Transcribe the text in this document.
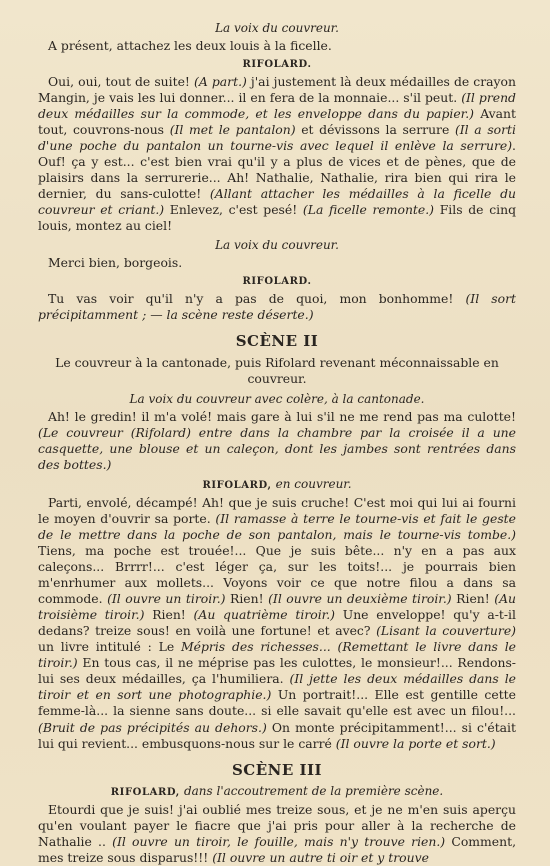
La voix du couvreur.

A présent, attachez les deux louis à la ficelle.

RIFOLARD.

Oui, oui, tout de suite! (A part.) j'ai justement là deux médailles de crayon Mangin, je vais les lui donner... il en fera de la monnaie... s'il peut. (Il prend deux médailles sur la commode, et les enveloppe dans du papier.) Avant tout, couvrons-nous (Il met le pantalon) et dévissons la serrure (Il a sorti d'une poche du pantalon un tourne-vis avec lequel il enlève la serrure). Ouf! ça y est... c'est bien vrai qu'il y a plus de vices et de pènes, que de plaisirs dans la serrurerie... Ah! Nathalie, Nathalie, rira bien qui rira le dernier, du sans-culotte! (Allant attacher les médailles à la ficelle du couvreur et criant.) Enlevez, c'est pesé! (La ficelle remonte.) Fils de cinq louis, montez au ciel!

La voix du couvreur.

Merci bien, borgeois.

RIFOLARD.

Tu vas voir qu'il n'y a pas de quoi, mon bonhomme! (Il sort précipitamment ; — la scène reste déserte.)

SCÈNE II
Le couvreur à la cantonade, puis Rifolard revenant méconnaissable en couvreur.
La voix du couvreur avec colère, à la cantonade.

Ah! le gredin! il m'a volé! mais gare à lui s'il ne me rend pas ma culotte! (Le couvreur (Rifolard) entre dans la chambre par la croisée il a une casquette, une blouse et un caleçon, dont les jambes sont rentrées dans des bottes.)

RIFOLARD, en couvreur.

Parti, envolé, décampé! Ah! que je suis cruche! C'est moi qui lui ai fourni le moyen d'ouvrir sa porte. (Il ramasse à terre le tourne-vis et fait le geste de le mettre dans la poche de son pantalon, mais le tourne-vis tombe.) Tiens, ma poche est trouée!... Que je suis bête... n'y en a pas aux caleçons... Brrrr!... c'est léger ça, sur les toits!... je pourrais bien m'enrhumer aux mollets... Voyons voir ce que notre filou a dans sa commode. (Il ouvre un tiroir.) Rien! (Il ouvre un deuxième tiroir.) Rien! (Au troisième tiroir.) Rien! (Au quatrième tiroir.) Une enveloppe! qu'y a-t-il dedans? treize sous! en voilà une fortune! et avec? (Lisant la couverture) un livre intitulé : Le Mépris des richesses... (Remettant le livre dans le tiroir.) En tous cas, il ne méprise pas les culottes, le monsieur!... Rendons-lui ses deux médailles, ça l'humiliera. (Il jette les deux médailles dans le tiroir et en sort une photographie.) Un portrait!... Elle est gentille cette femme-là... la sienne sans doute... si elle savait qu'elle est avec un filou!... (Bruit de pas précipités au dehors.) On monte précipitamment!... si c'était lui qui revient... embusquons-nous sur le carré (Il ouvre la porte et sort.)

SCÈNE III
RIFOLARD, dans l'accoutrement de la première scène.

Etourdi que je suis! j'ai oublié mes treize sous, et je ne m'en suis aperçu qu'en voulant payer le fiacre que j'ai pris pour aller à la recherche de Nathalie .. (Il ouvre un tiroir, le fouille, mais n'y trouve rien.) Comment, mes treize sous disparus!!! (Il ouvre un autre ti oir et y trouve
